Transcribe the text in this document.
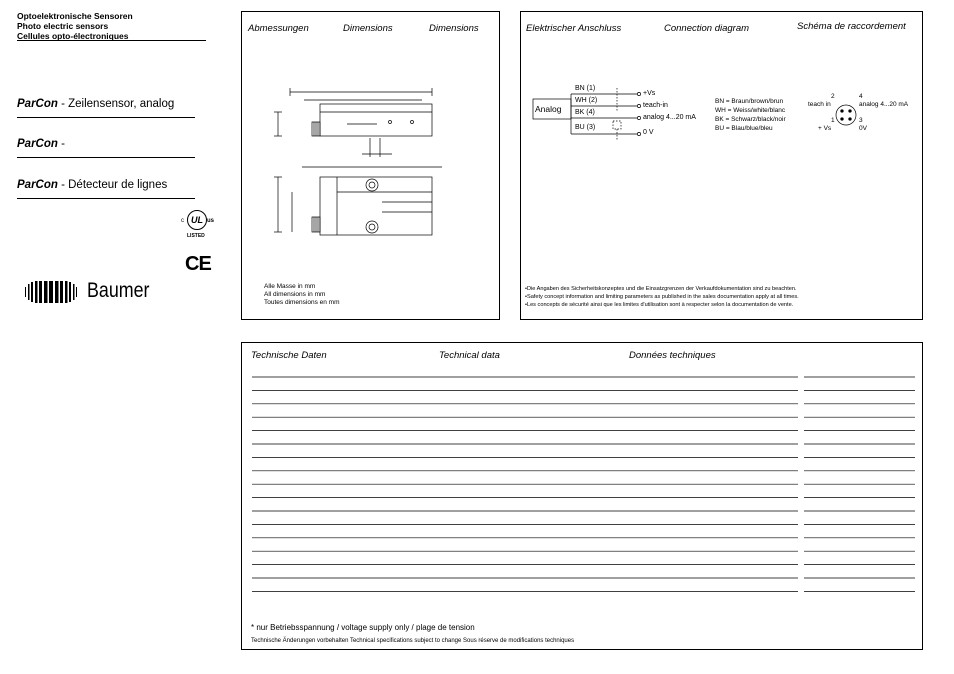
Optoelektronische Sensoren
Photo electric sensors
Cellules opto-électroniques
ParCon - Zeilensensor, analog
ParCon -
ParCon - Détecteur de lignes
c UL us
LISTED
CE
Baumer
Abmessungen	Dimensions	Dimensions
Alle Masse in mm
All dimensions in mm
Toutes dimensions en mm
Elektrischer Anschluss	Connection diagram	Schéma de raccordement
Analog
BN (1)
WH (2)
BK (4)
BU (3)
+Vs
teach-in
analog 4...20 mA
0 V
BN = Braun/brown/brun
WH = Weiss/white/blanc
BK = Schwarz/black/noir
BU = Blau/blue/bleu
2
teach in
4
analog 4...20 mA
1
+ Vs
3
0V
•Die Angaben des Sicherheitskonzeptes und die Einsatzgrenzen der Verkaufdokumentation sind zu beachten.
•Safety concept information and limiting parameters as published in the sales documentation apply at all times.
•Les concepts de sécurité ainsi que les limites d'utilisation sont à respecter selon la documentation de vente.
Technische Daten	Technical data	Données techniques
* nur Betriebsspannung / voltage supply only / plage de tension
Technische Änderungen vorbehalten Technical specifications subject to change Sous réserve de modifications techniques
